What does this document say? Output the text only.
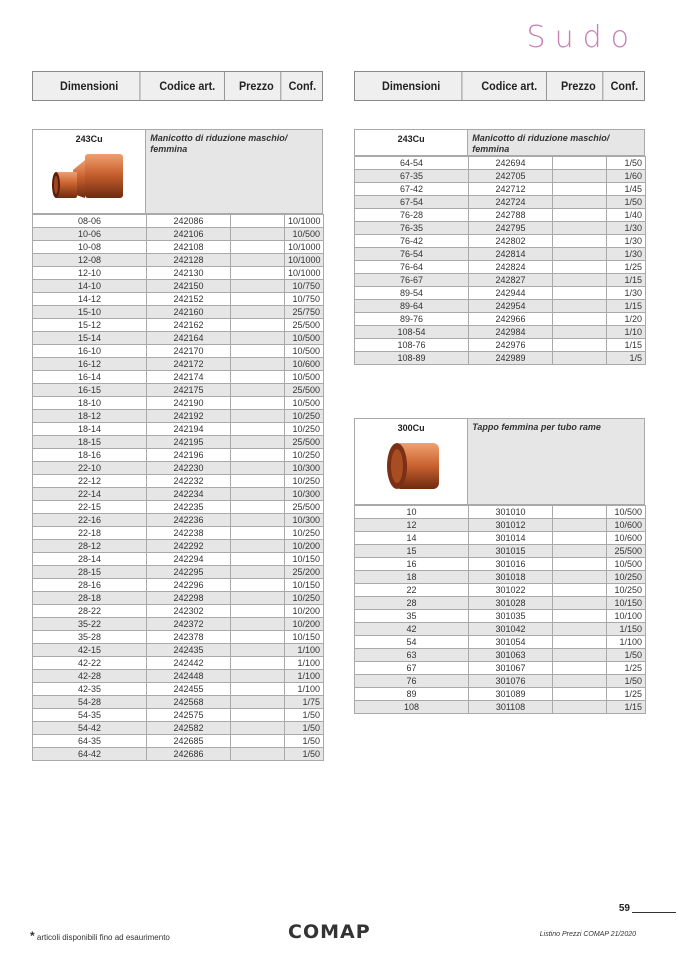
Sudo
Dimensioni	Codice art.	Prezzo	Conf.	Dimensioni	Codice art.	Prezzo	Conf.
243Cu	Manicotto di riduzione maschio/ femmina
08-06	242086		10/1000
10-06	242106		10/500
10-08	242108		10/1000
12-08	242128		10/1000
12-10	242130		10/1000
14-10	242150		10/750
14-12	242152		10/750
15-10	242160		25/750
15-12	242162		25/500
15-14	242164		10/500
16-10	242170		10/500
16-12	242172		10/600
16-14	242174		10/500
16-15	242175		25/500
18-10	242190		10/500
18-12	242192		10/250
18-14	242194		10/250
18-15	242195		25/500
18-16	242196		10/250
22-10	242230		10/300
22-12	242232		10/250
22-14	242234		10/300
22-15	242235		25/500
22-16	242236		10/300
22-18	242238		10/250
28-12	242292		10/200
28-14	242294		10/150
28-15	242295		25/200
28-16	242296		10/150
28-18	242298		10/250
28-22	242302		10/200
35-22	242372		10/200
35-28	242378		10/150
42-15	242435		1/100
42-22	242442		1/100
42-28	242448		1/100
42-35	242455		1/100
54-28	242568		1/75
54-35	242575		1/50
54-42	242582		1/50
64-35	242685		1/50
64-42	242686		1/50
243Cu	Manicotto di riduzione maschio/ femmina
64-54	242694		1/50
67-35	242705		1/60
67-42	242712		1/45
67-54	242724		1/50
76-28	242788		1/40
76-35	242795		1/30
76-42	242802		1/30
76-54	242814		1/30
76-64	242824		1/25
76-67	242827		1/15
89-54	242944		1/30
89-64	242954		1/15
89-76	242966		1/20
108-54	242984		1/10
108-76	242976		1/15
108-89	242989		1/5
300Cu	Tappo femmina per tubo rame
10	301010		10/500
12	301012		10/600
14	301014		10/600
15	301015		25/500
16	301016		10/500
18	301018		10/250
22	301022		10/250
28	301028		10/150
35	301035		10/100
42	301042		1/150
54	301054		1/100
63	301063		1/50
67	301067		1/25
76	301076		1/50
89	301089		1/25
108	301108		1/15
* articoli disponibili fino ad esaurimento	COMAP	Listino Prezzi COMAP 21/2020
59
